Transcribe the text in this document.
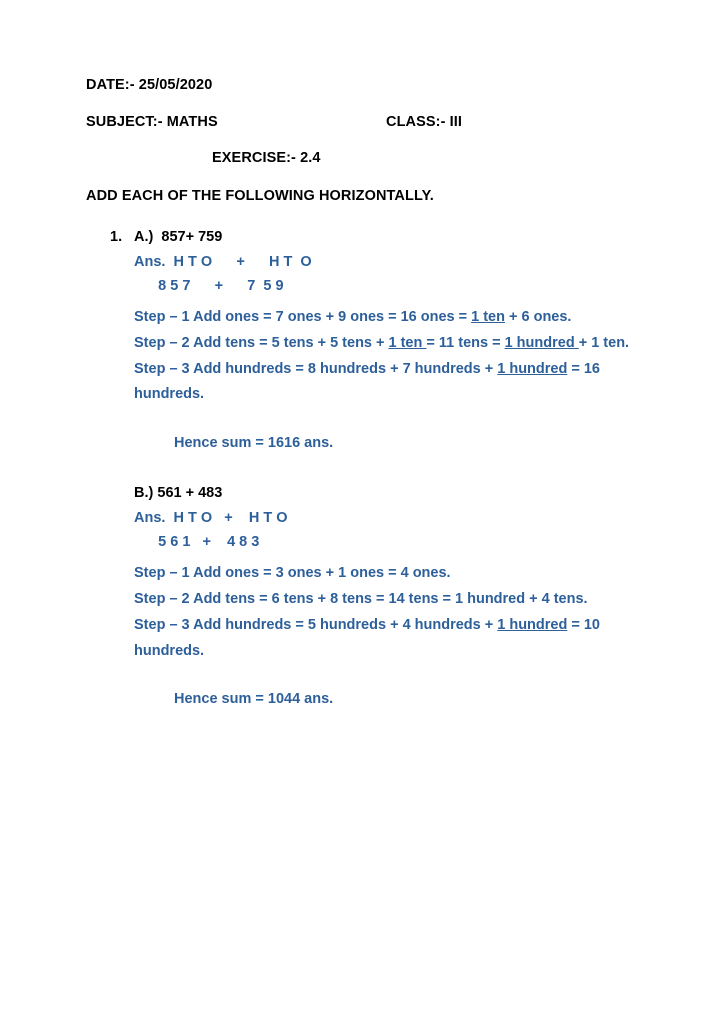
DATE:- 25/05/2020
SUBJECT:- MATHS	CLASS:- III
EXERCISE:- 2.4
ADD EACH OF THE FOLLOWING HORIZONTALLY.
1. A.)
857+ 759
Ans. H T O      +      H T  O
8 5 7      +      7  5 9
Step – 1 Add ones = 7 ones + 9 ones = 16 ones = 1 ten + 6 ones.
Step – 2 Add tens = 5 tens + 5 tens + 1 ten = 11 tens = 1 hundred + 1 ten.
Step – 3 Add hundreds = 8 hundreds + 7 hundreds + 1 hundred = 16 hundreds.
Hence sum = 1616 ans.
B.) 561 + 483
Ans. H T O   +    H T O
5 6 1   +    4 8 3
Step – 1 Add ones = 3 ones + 1 ones = 4 ones.
Step – 2 Add tens = 6 tens + 8 tens = 14 tens = 1 hundred + 4 tens.
Step – 3 Add hundreds = 5 hundreds + 4 hundreds + 1 hundred = 10 hundreds.
Hence sum = 1044 ans.
